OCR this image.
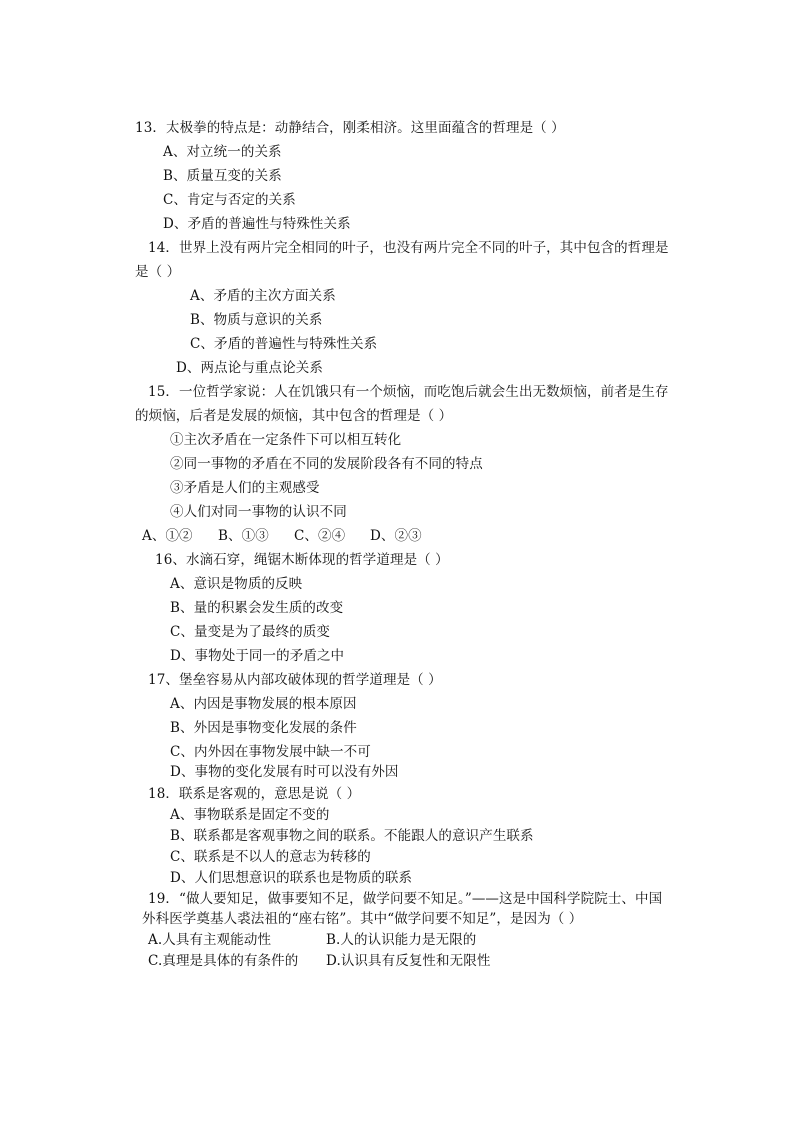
13．太极拳的特点是：动静结合，刚柔相济。这里面蕴含的哲理是（ ）
A、对立统一的关系
B、质量互变的关系
C、肯定与否定的关系
D、矛盾的普遍性与特殊性关系
14．世界上没有两片完全相同的叶子，也没有两片完全不同的叶子，其中包含的哲理是
是（ ）
A、矛盾的主次方面关系
B、物质与意识的关系
C、矛盾的普遍性与特殊性关系
D、两点论与重点论关系
15．一位哲学家说：人在饥饿只有一个烦恼，而吃饱后就会生出无数烦恼，前者是生存
的烦恼，后者是发展的烦恼，其中包含的哲理是（ ）
①主次矛盾在一定条件下可以相互转化
②同一事物的矛盾在不同的发展阶段各有不同的特点
③矛盾是人们的主观感受
④人们对同一事物的认识不同
A、①② B、①③ C、②④ D、②③
16、水滴石穿，绳锯木断体现的哲学道理是（ ）
A、意识是物质的反映
B、量的积累会发生质的改变
C、量变是为了最终的质变
D、事物处于同一的矛盾之中
17、堡垒容易从内部攻破体现的哲学道理是（ ）
A、内因是事物发展的根本原因
B、外因是事物变化发展的条件
C、内外因在事物发展中缺一不可
D、事物的变化发展有时可以没有外因
18．联系是客观的，意思是说（ ）
A、事物联系是固定不变的
B、联系都是客观事物之间的联系。不能跟人的意识产生联系
C、联系是不以人的意志为转移的
D、人们思想意识的联系也是物质的联系
19．“做人要知足，做事要知不足，做学问要不知足。”——这是中国科学院院士、中国
外科医学奠基人裘法祖的“座右铭”。其中“做学问要不知足”，是因为（ ）
A.人具有主观能动性	B.人的认识能力是无限的
C.真理是具体的有条件的 D.认识具有反复性和无限性
